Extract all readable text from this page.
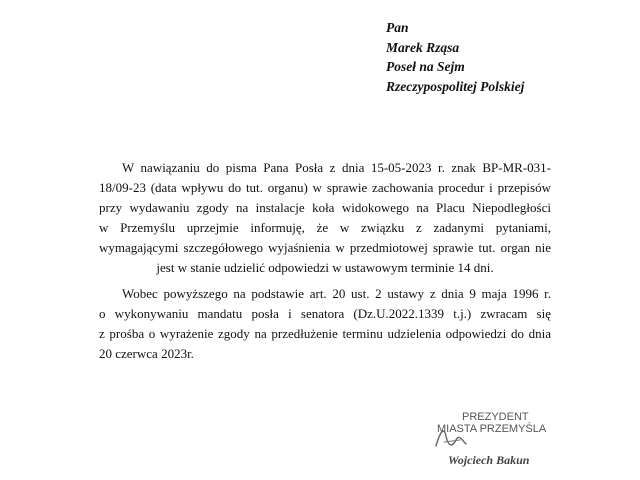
Pan
Marek Rząsa
Poseł na Sejm
Rzeczypospolitej Polskiej
W nawiązaniu do pisma Pana Posła z dnia 15-05-2023 r. znak BP-MR-031-
18/09-23 (data wpływu do tut. organu) w sprawie zachowania procedur i przepisów
przy wydawaniu zgody na instalacje koła widokowego na Placu Niepodległości
w Przemyślu uprzejmie informuję, że w związku z zadanymi pytaniami,
wymagającymi szczegółowego wyjaśnienia w przedmiotowej sprawie tut. organ nie
jest w stanie udzielić odpowiedzi w ustawowym terminie 14 dni.
Wobec powyższego na podstawie art. 20 ust. 2 ustawy z dnia 9 maja 1996 r.
o wykonywaniu mandatu posła i senatora (Dz.U.2022.1339 t.j.) zwracam się
z prośba o wyrażenie zgody na przedłużenie terminu udzielenia odpowiedzi do dnia
20 czerwca 2023r.
PREZYDENT
MIASTA PRZEMYŚLA
Wojciech Bakun
